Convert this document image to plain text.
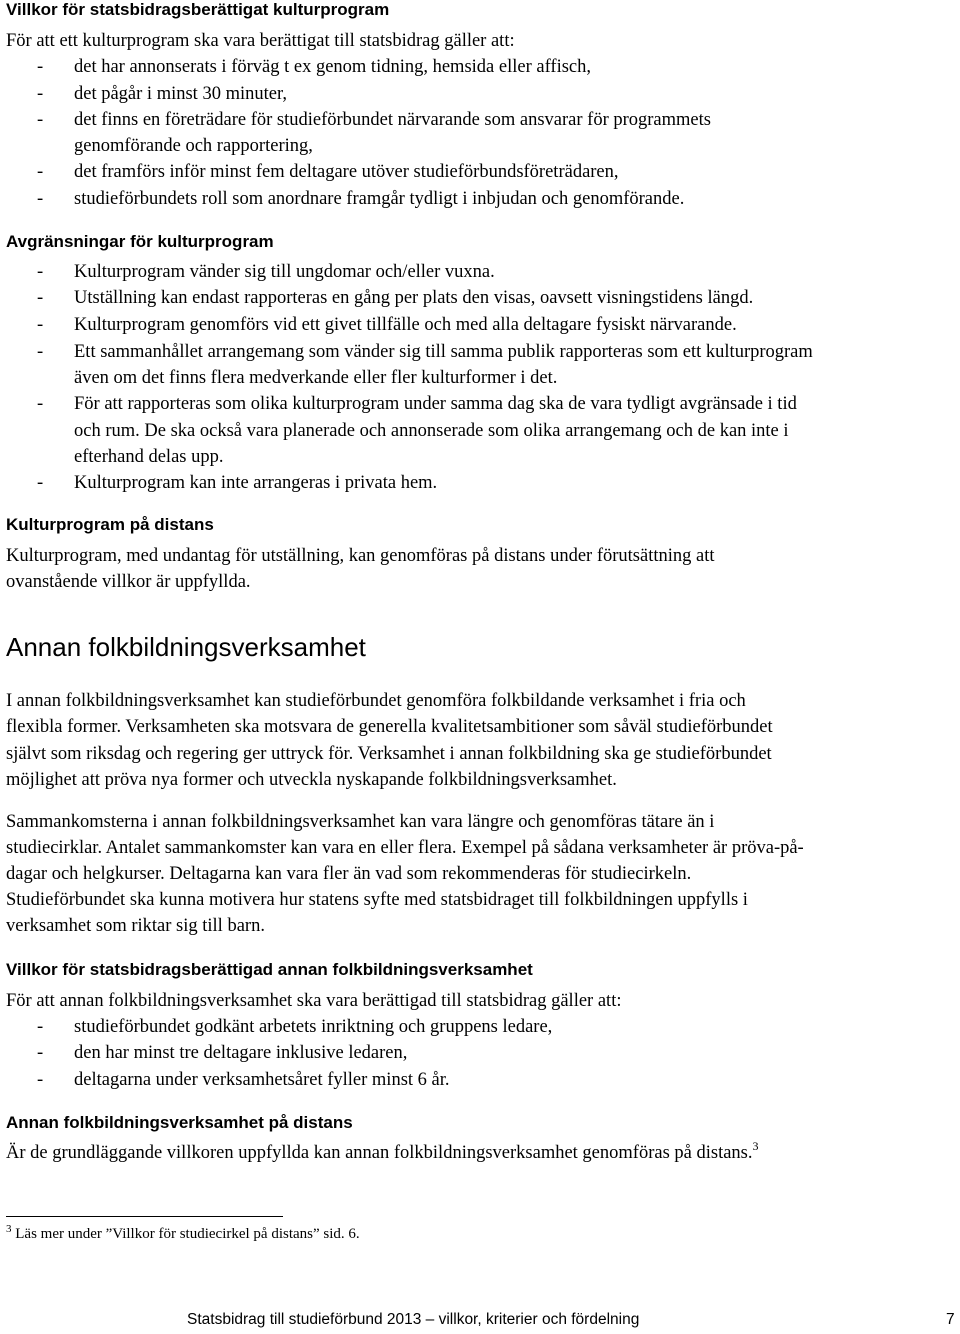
Villkor för statsbidragsberättigat kulturprogram
För att ett kulturprogram ska vara berättigat till statsbidrag gäller att:
- det har annonserats i förväg t ex genom tidning, hemsida eller affisch,
- det pågår i minst 30 minuter,
- det finns en företrädare för studieförbundet närvarande som ansvarar för programmets
genomförande och rapportering,
- det framförs inför minst fem deltagare utöver studieförbundsföreträdaren,
- studieförbundets roll som anordnare framgår tydligt i inbjudan och genomförande.
Avgränsningar för kulturprogram
- Kulturprogram vänder sig till ungdomar och/eller vuxna.
- Utställning kan endast rapporteras en gång per plats den visas, oavsett visningstidens längd.
- Kulturprogram genomförs vid ett givet tillfälle och med alla deltagare fysiskt närvarande.
- Ett sammanhållet arrangemang som vänder sig till samma publik rapporteras som ett kulturprogram
även om det finns flera medverkande eller fler kulturformer i det.
- För att rapporteras som olika kulturprogram under samma dag ska de vara tydligt avgränsade i tid
och rum. De ska också vara planerade och annonserade som olika arrangemang och de kan inte i
efterhand delas upp.
- Kulturprogram kan inte arrangeras i privata hem.
Kulturprogram på distans
Kulturprogram, med undantag för utställning, kan genomföras på distans under förutsättning att
ovanstående villkor är uppfyllda.
Annan folkbildningsverksamhet
I annan folkbildningsverksamhet kan studieförbundet genomföra folkbildande verksamhet i fria och
flexibla former. Verksamheten ska motsvara de generella kvalitetsambitioner som såväl studieförbundet
självt som riksdag och regering ger uttryck för. Verksamhet i annan folkbildning ska ge studieförbundet
möjlighet att pröva nya former och utveckla nyskapande folkbildningsverksamhet.
Sammankomsterna i annan folkbildningsverksamhet kan vara längre och genomföras tätare än i
studiecirklar. Antalet sammankomster kan vara en eller flera. Exempel på sådana verksamheter är pröva-på-
dagar och helgkurser. Deltagarna kan vara fler än vad som rekommenderas för studiecirkeln.
Studieförbundet ska kunna motivera hur statens syfte med statsbidraget till folkbildningen uppfylls i
verksamhet som riktar sig till barn.
Villkor för statsbidragsberättigad annan folkbildningsverksamhet
För att annan folkbildningsverksamhet ska vara berättigad till statsbidrag gäller att:
- studieförbundet godkänt arbetets inriktning och gruppens ledare,
- den har minst tre deltagare inklusive ledaren,
- deltagarna under verksamhetsåret fyller minst 6 år.
Annan folkbildningsverksamhet på distans
Är de grundläggande villkoren uppfyllda kan annan folkbildningsverksamhet genomföras på distans.$^3$
$^3$ Läs mer under ”Villkor för studiecirkel på distans” sid. 6.
Statsbidrag till studieförbund 2013 – villkor, kriterier och fördelning	7
